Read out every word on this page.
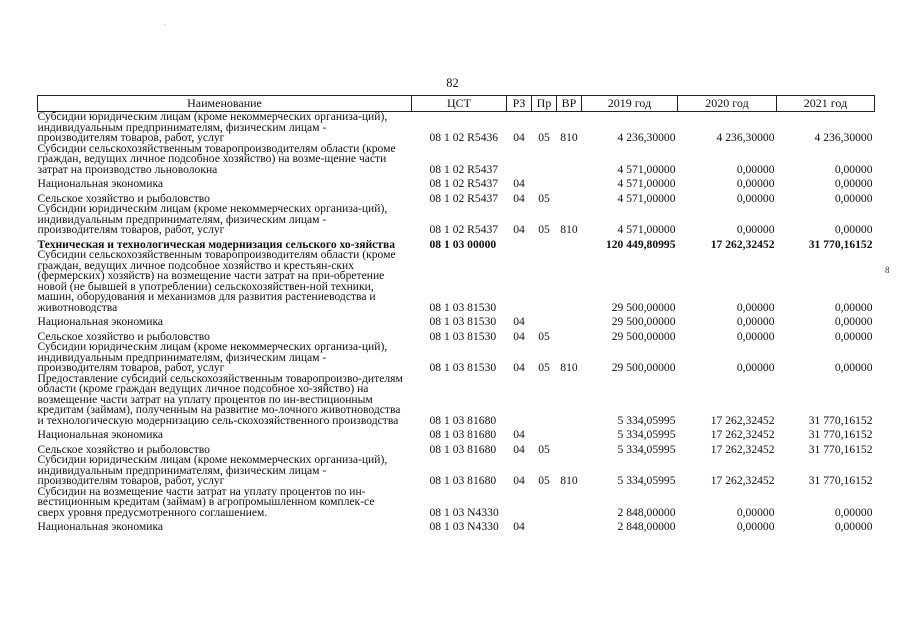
82
·
Наименование	ЦСТ	РЗ	Пр	ВР	2019 год	2020 год	2021 год
Субсидии юридическим лицам (кроме некоммерческих организа-ций), индивидуальным предпринимателям, физическим лицам - производителям товаров, работ, услуг	08 1 02 R5436	04	05	810	4 236,30000	4 236,30000	4 236,30000
Субсидии сельскохозяйственным товаропроизводителям области (кроме граждан, ведущих личное подсобное хозяйство) на возме-щение части затрат на производство льноволокна	08 1 02 R5437				4 571,00000	0,00000	0,00000
Национальная экономика	08 1 02 R5437	04			4 571,00000	0,00000	0,00000
Сельское хозяйство и рыболовство	08 1 02 R5437	04	05		4 571,00000	0,00000	0,00000
Субсидии юридическим лицам (кроме некоммерческих организа-ций), индивидуальным предпринимателям, физическим лицам - производителям товаров, работ, услуг	08 1 02 R5437	04	05	810	4 571,00000	0,00000	0,00000
Техническая и технологическая модернизация сельского хо-зяйства	08 1 03 00000				120 449,80995	17 262,32452	31 770,16152
Субсидии сельскохозяйственным товаропроизводителям области (кроме граждан, ведущих личное подсобное хозяйство и крестьян-ских (фермерских) хозяйств) на возмещение части затрат на при-обретение новой (не бывшей в употреблении) сельскохозяйствен-ной техники, машин, оборудования и механизмов для развития растениеводства и животноводства	08 1 03 81530				29 500,00000	0,00000	0,00000
Национальная экономика	08 1 03 81530	04			29 500,00000	0,00000	0,00000
Сельское хозяйство и рыболовство	08 1 03 81530	04	05		29 500,00000	0,00000	0,00000
Субсидии юридическим лицам (кроме некоммерческих организа-ций), индивидуальным предпринимателям, физическим лицам - производителям товаров, работ, услуг	08 1 03 81530	04	05	810	29 500,00000	0,00000	0,00000
Предоставление субсидий сельскохозяйственным товаропроизво-дителям области (кроме граждан ведущих личное подсобное хо-зяйство) на возмещение части затрат на уплату процентов по ин-вестиционным кредитам (займам), полученным на развитие мо-лочного животноводства и технологическую модернизацию сель-скохозяйственного производства	08 1 03 81680				5 334,05995	17 262,32452	31 770,16152
Национальная экономика	08 1 03 81680	04			5 334,05995	17 262,32452	31 770,16152
Сельское хозяйство и рыболовство	08 1 03 81680	04	05		5 334,05995	17 262,32452	31 770,16152
Субсидии юридическим лицам (кроме некоммерческих организа-ций), индивидуальным предпринимателям, физическим лицам - производителям товаров, работ, услуг	08 1 03 81680	04	05	810	5 334,05995	17 262,32452	31 770,16152
Субсидии на возмещение части затрат на уплату процентов по ин-вестиционным кредитам (займам) в агропромышленном комплек-се сверх уровня предусмотренного соглашением.	08 1 03 N4330				2 848,00000	0,00000	0,00000
Национальная экономика	08 1 03 N4330	04			2 848,00000	0,00000	0,00000
8
